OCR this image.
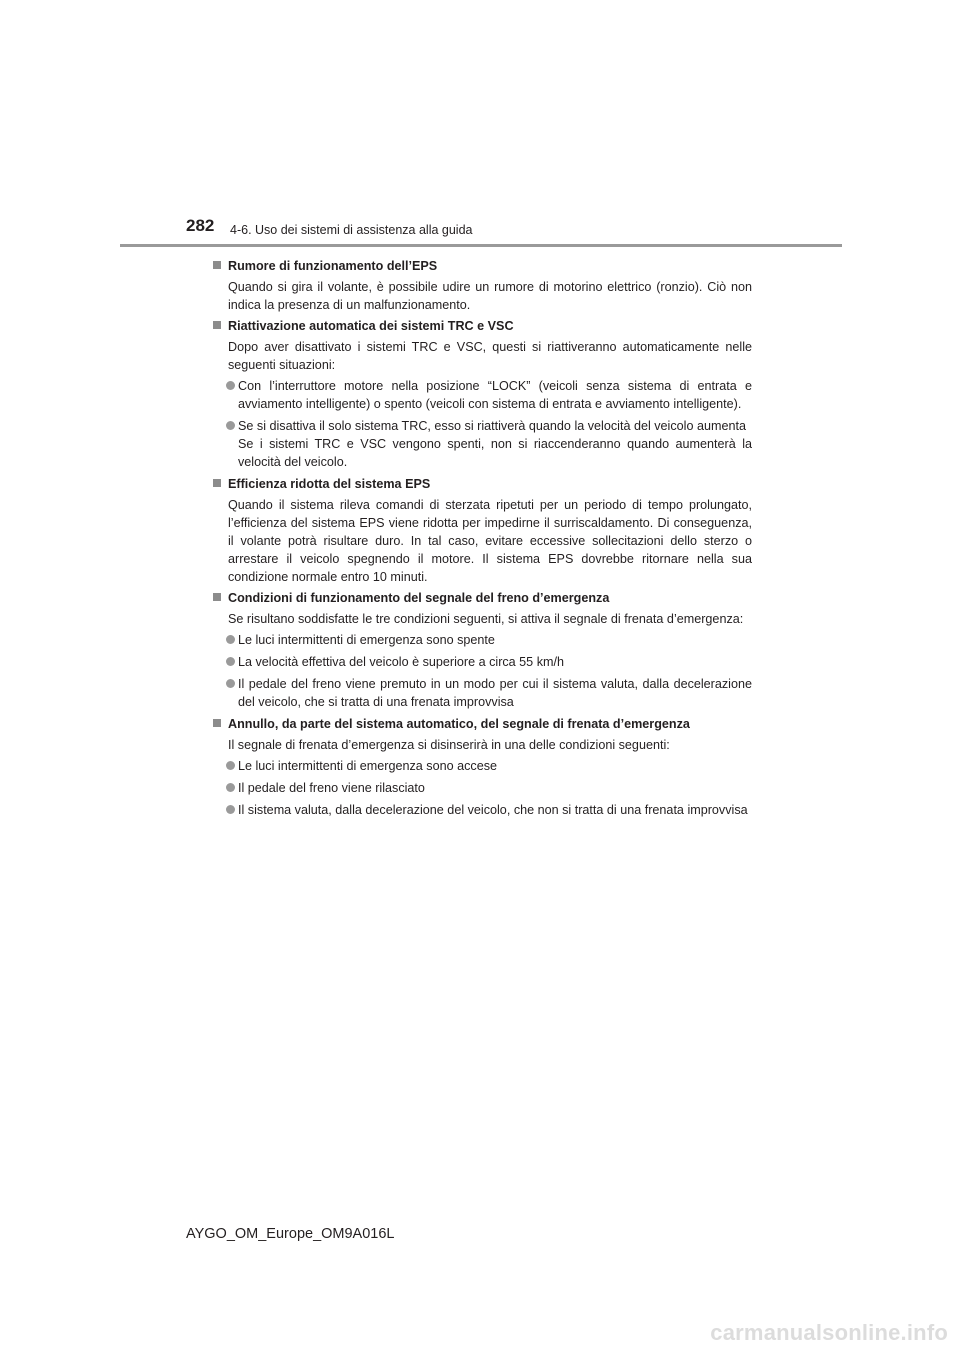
282 4-6. Uso dei sistemi di assistenza alla guida
Rumore di funzionamento dell’EPS
Quando si gira il volante, è possibile udire un rumore di motorino elettrico (ronzio). Ciò non indica la presenza di un malfunzionamento.
Riattivazione automatica dei sistemi TRC e VSC
Dopo aver disattivato i sistemi TRC e VSC, questi si riattiveranno automaticamente nelle seguenti situazioni:
Con l’interruttore motore nella posizione “LOCK” (veicoli senza sistema di entrata e avviamento intelligente) o spento (veicoli con sistema di entrata e avviamento intelligente).
Se si disattiva il solo sistema TRC, esso si riattiverà quando la velocità del veicolo aumenta
Se i sistemi TRC e VSC vengono spenti, non si riaccenderanno quando aumenterà la velocità del veicolo.
Efficienza ridotta del sistema EPS
Quando il sistema rileva comandi di sterzata ripetuti per un periodo di tempo prolungato, l’efficienza del sistema EPS viene ridotta per impedirne il surriscaldamento. Di conseguenza, il volante potrà risultare duro. In tal caso, evitare eccessive sollecitazioni dello sterzo o arrestare il veicolo spegnendo il motore. Il sistema EPS dovrebbe ritornare nella sua condizione normale entro 10 minuti.
Condizioni di funzionamento del segnale del freno d’emergenza
Se risultano soddisfatte le tre condizioni seguenti, si attiva il segnale di frenata d’emergenza:
Le luci intermittenti di emergenza sono spente
La velocità effettiva del veicolo è superiore a circa 55 km/h
Il pedale del freno viene premuto in un modo per cui il sistema valuta, dalla decelerazione del veicolo, che si tratta di una frenata improvvisa
Annullo, da parte del sistema automatico, del segnale di frenata d’emergenza
Il segnale di frenata d’emergenza si disinserirà in una delle condizioni seguenti:
Le luci intermittenti di emergenza sono accese
Il pedale del freno viene rilasciato
Il sistema valuta, dalla decelerazione del veicolo, che non si tratta di una frenata improvvisa
AYGO_OM_Europe_OM9A016L
carmanualsonline.info
